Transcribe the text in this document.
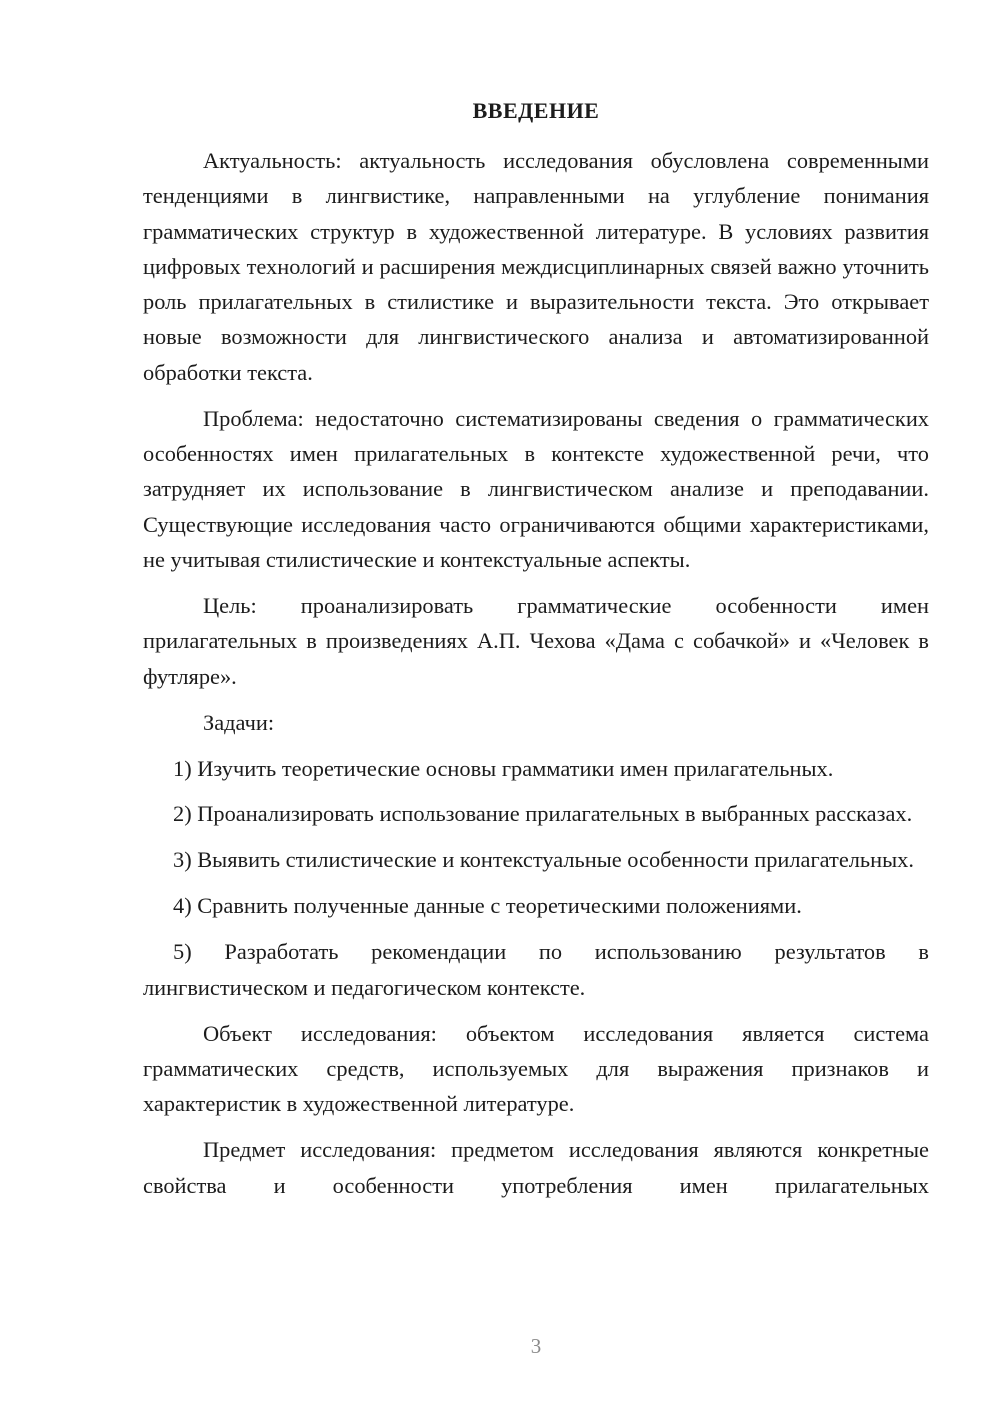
ВВЕДЕНИЕ

Актуальность: актуальность исследования обусловлена современными тенденциями в лингвистике, направленными на углубление понимания грамматических структур в художественной литературе. В условиях развития цифровых технологий и расширения междисциплинарных связей важно уточнить роль прилагательных в стилистике и выразительности текста. Это открывает новые возможности для лингвистического анализа и автоматизированной обработки текста.

Проблема: недостаточно систематизированы сведения о грамматических особенностях имен прилагательных в контексте художественной речи, что затрудняет их использование в лингвистическом анализе и преподавании. Существующие исследования часто ограничиваются общими характеристиками, не учитывая стилистические и контекстуальные аспекты.

Цель: проанализировать грамматические особенности имен прилагательных в произведениях А.П. Чехова «Дама с собачкой» и «Человек в футляре».

Задачи:

1) Изучить теоретические основы грамматики имен прилагательных.

2) Проанализировать использование прилагательных в выбранных рассказах.

3) Выявить стилистические и контекстуальные особенности прилагательных.

4) Сравнить полученные данные с теоретическими положениями.

5) Разработать рекомендации по использованию результатов в лингвистическом и педагогическом контексте.

Объект исследования: объектом исследования является система грамматических средств, используемых для выражения признаков и характеристик в художественной литературе.

Предмет исследования: предметом исследования являются конкретные свойства и особенности употребления имен прилагательных

3
